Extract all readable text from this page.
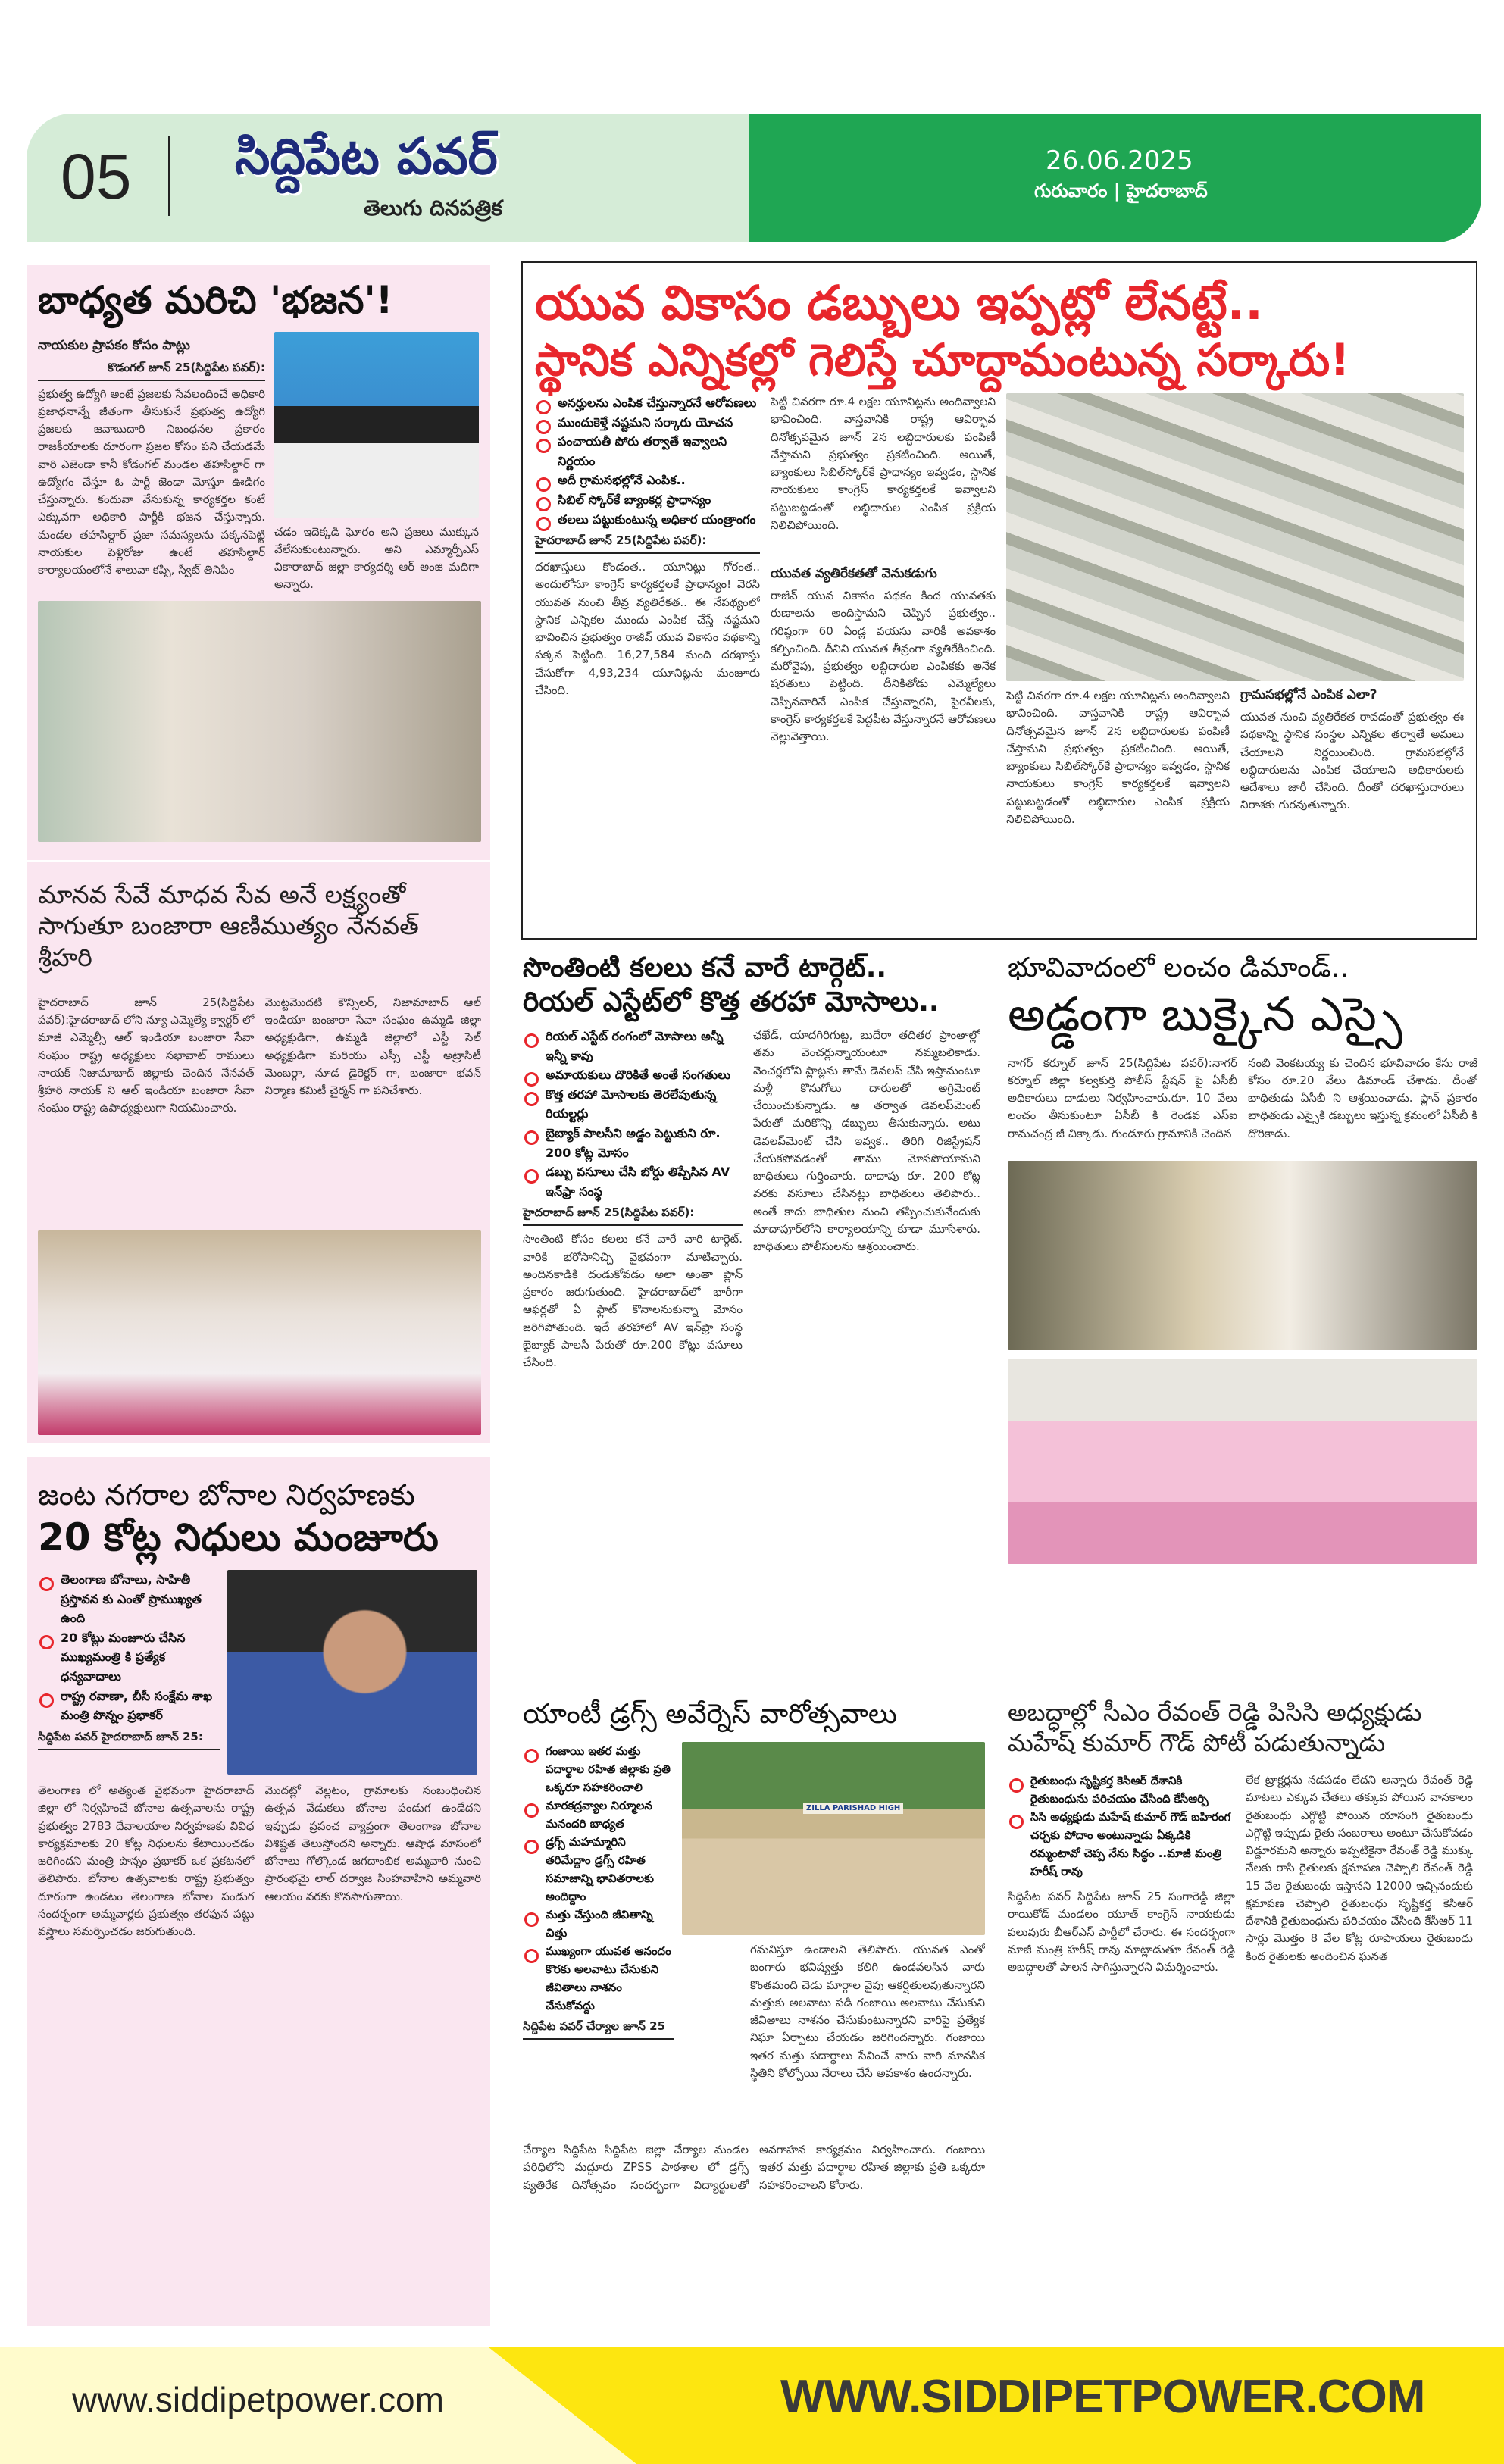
05 సిద్దిపేట పవర్
తెలుగు దినపత్రిక
26.06.2025
గురువారం | హైదరాబాద్
బాధ్యత మరిచి 'భజన'!
నాయకుల ప్రాపకం కోసం పాట్లు
కొడంగల్ జూన్ 25(సిద్దిపేట పవర్):

ప్రభుత్వ ఉద్యోగి అంటే ప్రజలకు సేవలందించే అధికారి ప్రజాధనాన్నే జీతంగా తీసుకునే ప్రభుత్వ ఉద్యోగి ప్రజలకు జవాబుదారి నిబంధనల ప్రకారం రాజకీయాలకు దూరంగా ప్రజల కోసం పని చేయడమే వారి ఎజెండా కానీ కోడంగల్ మండల తహసిల్దార్ గా ఉద్యోగం చేస్తూ ఓ పార్టీ జెండా మోస్తూ ఊడిగం చేస్తున్నారు. కందువా వేసుకున్న కార్యకర్తల కంటే ఎక్కువగా అధికారి పార్టీకి భజన చేస్తున్నారు. మండల తహసిల్దార్ ప్రజా సమస్యలను పక్కనపెట్టి నాయకుల పెళ్లిరోజు ఉంటే తహసిల్దార్ కార్యాలయంలోనే శాలువా కప్పి, స్వీట్ తినిపిం

చడం ఇదెక్కడి ఘోరం అని ప్రజలు ముక్కున వేలేసుకుంటున్నారు. అని ఎమ్మార్పీఎస్ వికారాబాద్ జిల్లా కార్యదర్శి ఆర్ అంజి మదిగా అన్నారు.

మానవ సేవే మాధవ సేవ అనే లక్ష్యంతో సాగుతూ బంజారా ఆణిముత్యం నేనవత్ శ్రీహరి

హైదరాబాద్ జూన్ 25(సిద్దిపేట పవర్):హైదరాబాద్ లోని న్యూ ఎమ్మెల్యే క్వార్టర్ లో మాజీ ఎమ్మెల్సీ ఆల్ ఇండియా బంజారా సేవా సంఘం రాష్ట్ర అధ్యక్షులు సభావాట్ రాములు నాయక్ నిజామాబాద్ జిల్లాకు చెందిన నేనవత్ శ్రీహరి నాయక్ ని ఆల్ ఇండియా బంజారా సేవా సంఘం రాష్ట్ర ఉపాధ్యక్షులుగా నియమించారు.

మొట్టమొదటి కౌన్సిలర్, నిజామాబాద్ ఆల్ ఇండియా బంజారా సేవా సంఘం ఉమ్మడి జిల్లా అధ్యక్షుడిగా, ఉమ్మడి జిల్లాలో ఎస్టీ సెల్ అధ్యక్షుడిగా మరియు ఎస్సీ ఎస్టీ అట్రాసిటీ మెంబర్గా, నూడ డైరెక్టర్ గా, బంజారా భవన్ నిర్మాణ కమిటీ చైర్మన్ గా పనిచేశారు.

జంట నగరాల బోనాల నిర్వహణకు
20 కోట్ల నిధులు మంజూరు
తెలంగాణ బోనాలు, సాహితీ ప్రస్తావన కు ఎంతో ప్రాముఖ్యత ఉంది
20 కోట్లు మంజూరు చేసిన ముఖ్యమంత్రి కి ప్రత్యేక ధన్యవాదాలు
రాష్ట్ర రవాణా, బీసీ సంక్షేమ శాఖ మంత్రి పొన్నం ప్రభాకర్
సిద్దిపేట పవర్ హైదరాబాద్ జూన్ 25:

తెలంగాణ లో అత్యంత వైభవంగా హైదరాబాద్ జిల్లా లో నిర్వహించే బోనాల ఉత్సవాలను రాష్ట్ర ప్రభుత్వం 2783 దేవాలయాల నిర్వహణకు వివిధ కార్యక్రమాలకు 20 కోట్ల నిధులను కేటాయించడం జరిగిందని మంత్రి పొన్నం ప్రభాకర్ ఒక ప్రకటనలో తెలిపారు. బోనాల ఉత్సవాలకు రాష్ట్ర ప్రభుత్వం దూరంగా ఉండటం తెలంగాణ బోనాల పండుగ సందర్భంగా అమ్మవార్లకు ప్రభుత్వం తరఫున పట్టు వస్త్రాలు సమర్పించడం జరుగుతుంది.

మొదట్లో వెల్లటం, గ్రామాలకు సంబంధించిన ఉత్సవ వేడుకలు బోనాల పండుగ ఉండేదని ఇప్పుడు ప్రపంచ వ్యాప్తంగా తెలంగాణ బోనాల విశిష్టత తెలుస్తోందని అన్నారు. ఆషాఢ మాసంలో బోనాలు గోల్కొండ జగదాంబిక అమ్మవారి నుంచి ప్రారంభమై లాల్ దర్వాజ సింహవాహిని అమ్మవారి ఆలయం వరకు కొనసాగుతాయి.

యువ వికాసం డబ్బులు ఇప్పట్లో లేనట్టే..
స్థానిక ఎన్నికల్లో గెలిస్తే చూద్దామంటున్న సర్కారు!
అనర్హులను ఎంపిక చేస్తున్నారనే ఆరోపణలు
ముందుకెళ్తే నష్టమని సర్కారు యోచన
పంచాయతీ పోరు తర్వాతే ఇవ్వాలని నిర్ణయం
అదీ గ్రామసభల్లోనే ఎంపిక..
సిబిల్ స్కోర్‌కే బ్యాంకర్ల ప్రాధాన్యం
తలలు పట్టుకుంటున్న అధికార యంత్రాంగం
హైదరాబాద్ జూన్ 25(సిద్దిపేట పవర్):

దరఖాస్తులు కొండంత.. యూనిట్లు గోరంత.. అందులోనూ కాంగ్రెస్ కార్యకర్తలకే ప్రాధాన్యం! వెరసి యువత నుంచి తీవ్ర వ్యతిరేకత.. ఈ నేపథ్యంలో స్థానిక ఎన్నికల ముందు ఎంపిక చేస్తే నష్టమని భావించిన ప్రభుత్వం రాజీవ్ యువ వికాసం పథకాన్ని పక్కన పెట్టింది. 16,27,584 మంది దరఖాస్తు చేసుకోగా 4,93,234 యూనిట్లను మంజూరు చేసింది.

పెట్టి చివరగా రూ.4 లక్షల యూనిట్లను అందివ్వాలని భావించింది. వాస్తవానికి రాష్ట్ర ఆవిర్భావ దినోత్సవమైన జూన్ 2న లబ్ధిదారులకు పంపిణీ చేస్తామని ప్రభుత్వం ప్రకటించింది. అయితే, బ్యాంకులు సిబిల్‌స్కోర్‌కే ప్రాధాన్యం ఇవ్వడం, స్థానిక నాయకులు కాంగ్రెస్ కార్యకర్తలకే ఇవ్వాలని పట్టుబట్టడంతో లబ్ధిదారుల ఎంపిక ప్రక్రియ నిలిచిపోయింది.

యువత వ్యతిరేకతతో వెనుకడుగు

రాజీవ్ యువ వికాసం పథకం కింద యువతకు రుణాలను అందిస్తామని చెప్పిన ప్రభుత్వం.. గరిష్ఠంగా 60 ఏండ్ల వయసు వారికీ అవకాశం కల్పించింది. దీనిని యువత తీవ్రంగా వ్యతిరేకించింది. మరోవైపు, ప్రభుత్వం లబ్ధిదారుల ఎంపికకు అనేక షరతులు పెట్టింది. దీనికితోడు ఎమ్మెల్యేలు చెప్పినవారినే ఎంపిక చేస్తున్నారని, పైరవీలకు, కాంగ్రెస్ కార్యకర్తలకే పెద్దపీట వేస్తున్నారనే ఆరోపణలు వెల్లువెత్తాయి.

పెట్టి చివరగా రూ.4 లక్షల యూనిట్లను అందివ్వాలని భావించింది. వాస్తవానికి రాష్ట్ర ఆవిర్భావ దినోత్సవమైన జూన్ 2న లబ్ధిదారులకు పంపిణీ చేస్తామని ప్రభుత్వం ప్రకటించింది. అయితే, బ్యాంకులు సిబిల్‌స్కోర్‌కే ప్రాధాన్యం ఇవ్వడం, స్థానిక నాయకులు కాంగ్రెస్ కార్యకర్తలకే ఇవ్వాలని పట్టుబట్టడంతో లబ్ధిదారుల ఎంపిక ప్రక్రియ నిలిచిపోయింది.

గ్రామసభల్లోనే ఎంపిక ఎలా?

యువత నుంచి వ్యతిరేకత రావడంతో ప్రభుత్వం ఈ పథకాన్ని స్థానిక సంస్థల ఎన్నికల తర్వాతే అమలు చేయాలని నిర్ణయించింది. గ్రామసభల్లోనే లబ్ధిదారులను ఎంపిక చేయాలని అధికారులకు ఆదేశాలు జారీ చేసింది. దీంతో దరఖాస్తుదారులు నిరాశకు గురవుతున్నారు.

సొంతింటి కలలు కనే వారే టార్గెట్..
రియల్ ఎస్టేట్‌లో కొత్త తరహా మోసాలు..
రియల్ ఎస్టేట్ రంగంలో మోసాలు అన్నీ ఇన్నీ కావు
అమాయకులు దొరికితే అంతే సంగతులు
కొత్త తరహా మోసాలకు తెరలేపుతున్న రియల్టర్లు
బైబ్యాక్ పాలసీని అడ్డం పెట్టుకుని రూ. 200 కోట్ల మోసం
డబ్బు వసూలు చేసి బోర్డు తిప్పేసిన AV ఇన్‌ఫ్రా సంస్థ
హైదరాబాద్ జూన్ 25(సిద్దిపేట పవర్):

సొంతింటి కోసం కలలు కనే వారే వారి టార్గెట్. వారికి భరోసానిచ్చి వైభవంగా మాటిచ్చారు. అందినకాడికి దండుకోవడం అలా అంతా ప్లాన్ ప్రకారం జరుగుతుంది. హైదరాబాద్‌లో భారీగా ఆఫర్లతో ఏ ఫ్లాట్ కొనాలనుకున్నా మోసం జరిగిపోతుంది. ఇదే తరహాలో AV ఇన్‌ఫ్రా సంస్థ బైబ్యాక్ పాలసీ పేరుతో రూ.200 కోట్లు వసూలు చేసింది.

ఛఖేడ్, యాదగిరిగుట్ట, బుదేరా తదితర ప్రాంతాల్లో తమ వెంచర్లున్నాయంటూ నమ్మబలికాడు. వెంచర్లలోని ప్లాట్లను తామే డెవలప్ చేసి ఇస్తామంటూ మళ్లీ కొనుగోలు దారులతో అగ్రిమెంట్ చేయించుకున్నాడు. ఆ తర్వాత డెవలప్‌మెంట్ పేరుతో మరికొన్ని డబ్బులు తీసుకున్నారు. అటు డెవలప్‌మెంట్ చేసి ఇవ్వక.. తిరిగి రిజిస్ట్రేషన్ చేయకపోవడంతో తాము మోసపోయామని బాధితులు గుర్తించారు. దాదాపు రూ. 200 కోట్ల వరకు వసూలు చేసినట్లు బాధితులు తెలిపారు.. అంతే కాదు బాధితుల నుంచి తప్పించుకునేందుకు మాదాపూర్‌లోని కార్యాలయాన్ని కూడా మూసేశారు. బాధితులు పోలీసులను ఆశ్రయించారు.

యాంటీ డ్రగ్స్ అవేర్నెస్ వారోత్సవాలు
గంజాయి ఇతర మత్తు పదార్థాల రహిత జిల్లాకు ప్రతి ఒక్కరూ సహకరించాలి
మారకద్రవ్యాల నిర్మూలన మనందరి బాధ్యత
డ్రగ్స్ మహమ్మారిని తరిమేద్దాం డ్రగ్స్ రహిత సమాజాన్ని భావితరాలకు అందిద్దాం
మత్తు చేస్తుంది జీవితాన్ని చిత్తు
ముఖ్యంగా యువత ఆనందం కొరకు అలవాటు చేసుకుని జీవితాలు నాశనం చేసుకోవద్దు
సిద్దిపేట పవర్ చేర్యాల జూన్ 25
ZILLA PARISHAD HIGH

గమనిస్తూ ఉండాలని తెలిపారు. యువత ఎంతో బంగారు భవిష్యత్తు కలిగి ఉండవలసిన వారు కొంతమంది చెడు మార్గాల వైపు ఆకర్షితులవుతున్నారని మత్తుకు అలవాటు పడి గంజాయి అలవాటు చేసుకుని జీవితాలు నాశనం చేసుకుంటున్నారని వారిపై ప్రత్యేక నిఘా ఏర్పాటు చేయడం జరిగిందన్నారు. గంజాయి ఇతర మత్తు పదార్థాలు సేవించే వారు వారి మానసిక స్థితిని కోల్పోయి నేరాలు చేసే అవకాశం ఉందన్నారు.

చేర్యాల సిద్దిపేట సిద్దిపేట జిల్లా చేర్యాల మండల పరిధిలోని మద్దూరు ZPSS పాఠశాల లో డ్రగ్స్ వ్యతిరేక దినోత్సవం సందర్భంగా విద్యార్థులతో అవగాహన కార్యక్రమం నిర్వహించారు. గంజాయి ఇతర మత్తు పదార్థాల రహిత జిల్లాకు ప్రతి ఒక్కరూ సహకరించాలని కోరారు.

భూవివాదంలో లంచం డిమాండ్..
అడ్డంగా బుక్కైన ఎస్సై

నాగర్ కర్నూల్ జూన్ 25(సిద్దిపేట పవర్):నాగర్ కర్నూల్ జిల్లా కల్వకుర్తి పోలీస్ స్టేషన్ పై ఏసీబీ అధికారులు దాడులు నిర్వహించారు.రూ. 10 వేలు లంచం తీసుకుంటూ ఏసీబీ కి రెండవ ఎస్ఐ రామచంద్ర జీ చిక్కాడు. గుండూరు గ్రామానికి చెందిన

నంబి వెంకటయ్య కు చెందిన భూవివాదం కేసు రాజీ కోసం రూ.20 వేలు డిమాండ్ చేశాడు. దీంతో బాధితుడు ఏసీబీ ని ఆశ్రయించాడు. ప్లాన్ ప్రకారం బాధితుడు ఎస్సైకి డబ్బులు ఇస్తున్న క్రమంలో ఏసీబీ కి దొరికాడు.

అబద్ధాల్లో సీఎం రేవంత్ రెడ్డి పిసిసి అధ్యక్షుడు మహేష్ కుమార్ గౌడ్ పోటీ పడుతున్నాడు
రైతుబంధు సృష్టికర్త కెసిఆర్ దేశానికి రైతుబంధును పరిచయం చేసింది కేసీఆర్పి
సిసి అధ్యక్షుడు మహేష్ కుమార్ గౌడ్ బహిరంగ చర్చకు పోదాం అంటున్నాడు ఏక్కడికి రమ్మంటావో చెప్ప నేను సిద్ధం ..మాజీ మంత్రి హరీష్ రావు

సిద్దిపేట పవర్ సిద్దిపేట జూన్ 25 సంగారెడ్డి జిల్లా రాయికోడ్ మండలం యూత్ కాంగ్రెస్ నాయకుడు పలువురు బీఆర్ఎస్ పార్టీలో చేరారు. ఈ సందర్భంగా మాజీ మంత్రి హరీష్ రావు మాట్లాడుతూ రేవంత్ రెడ్డి అబద్ధాలతో పాలన సాగిస్తున్నారని విమర్శించారు.

లేక ట్రాక్టర్లను నడపడం లేదని అన్నారు రేవంత్ రెడ్డి మాటలు ఎక్కువ చేతలు తక్కువ పోయిన వానకాలం రైతుబంధు ఎగ్గొట్టి పోయిన యాసంగి రైతుబంధు ఎగ్గొట్టి ఇప్పుడు రైతు సంబరాలు అంటూ చేసుకోవడం విడ్డూరమని అన్నారు ఇప్పటికైనా రేవంత్ రెడ్డి ముక్కు నేలకు రాసి రైతులకు క్షమాపణ చెప్పాలి రేవంత్ రెడ్డి 15 వేల రైతుబంధు ఇస్తానని 12000 ఇచ్చినందుకు క్షమాపణ చెప్పాలి రైతుబంధు సృష్టికర్త కెసిఆర్ దేశానికి రైతుబంధును పరిచయం చేసింది కేసీఆర్ 11 సార్లు మొత్తం 8 వేల కోట్ల రూపాయలు రైతుబంధు కింద రైతులకు అందించిన ఘనత

www.siddipetpower.com	WWW.SIDDIPETPOWER.COM
